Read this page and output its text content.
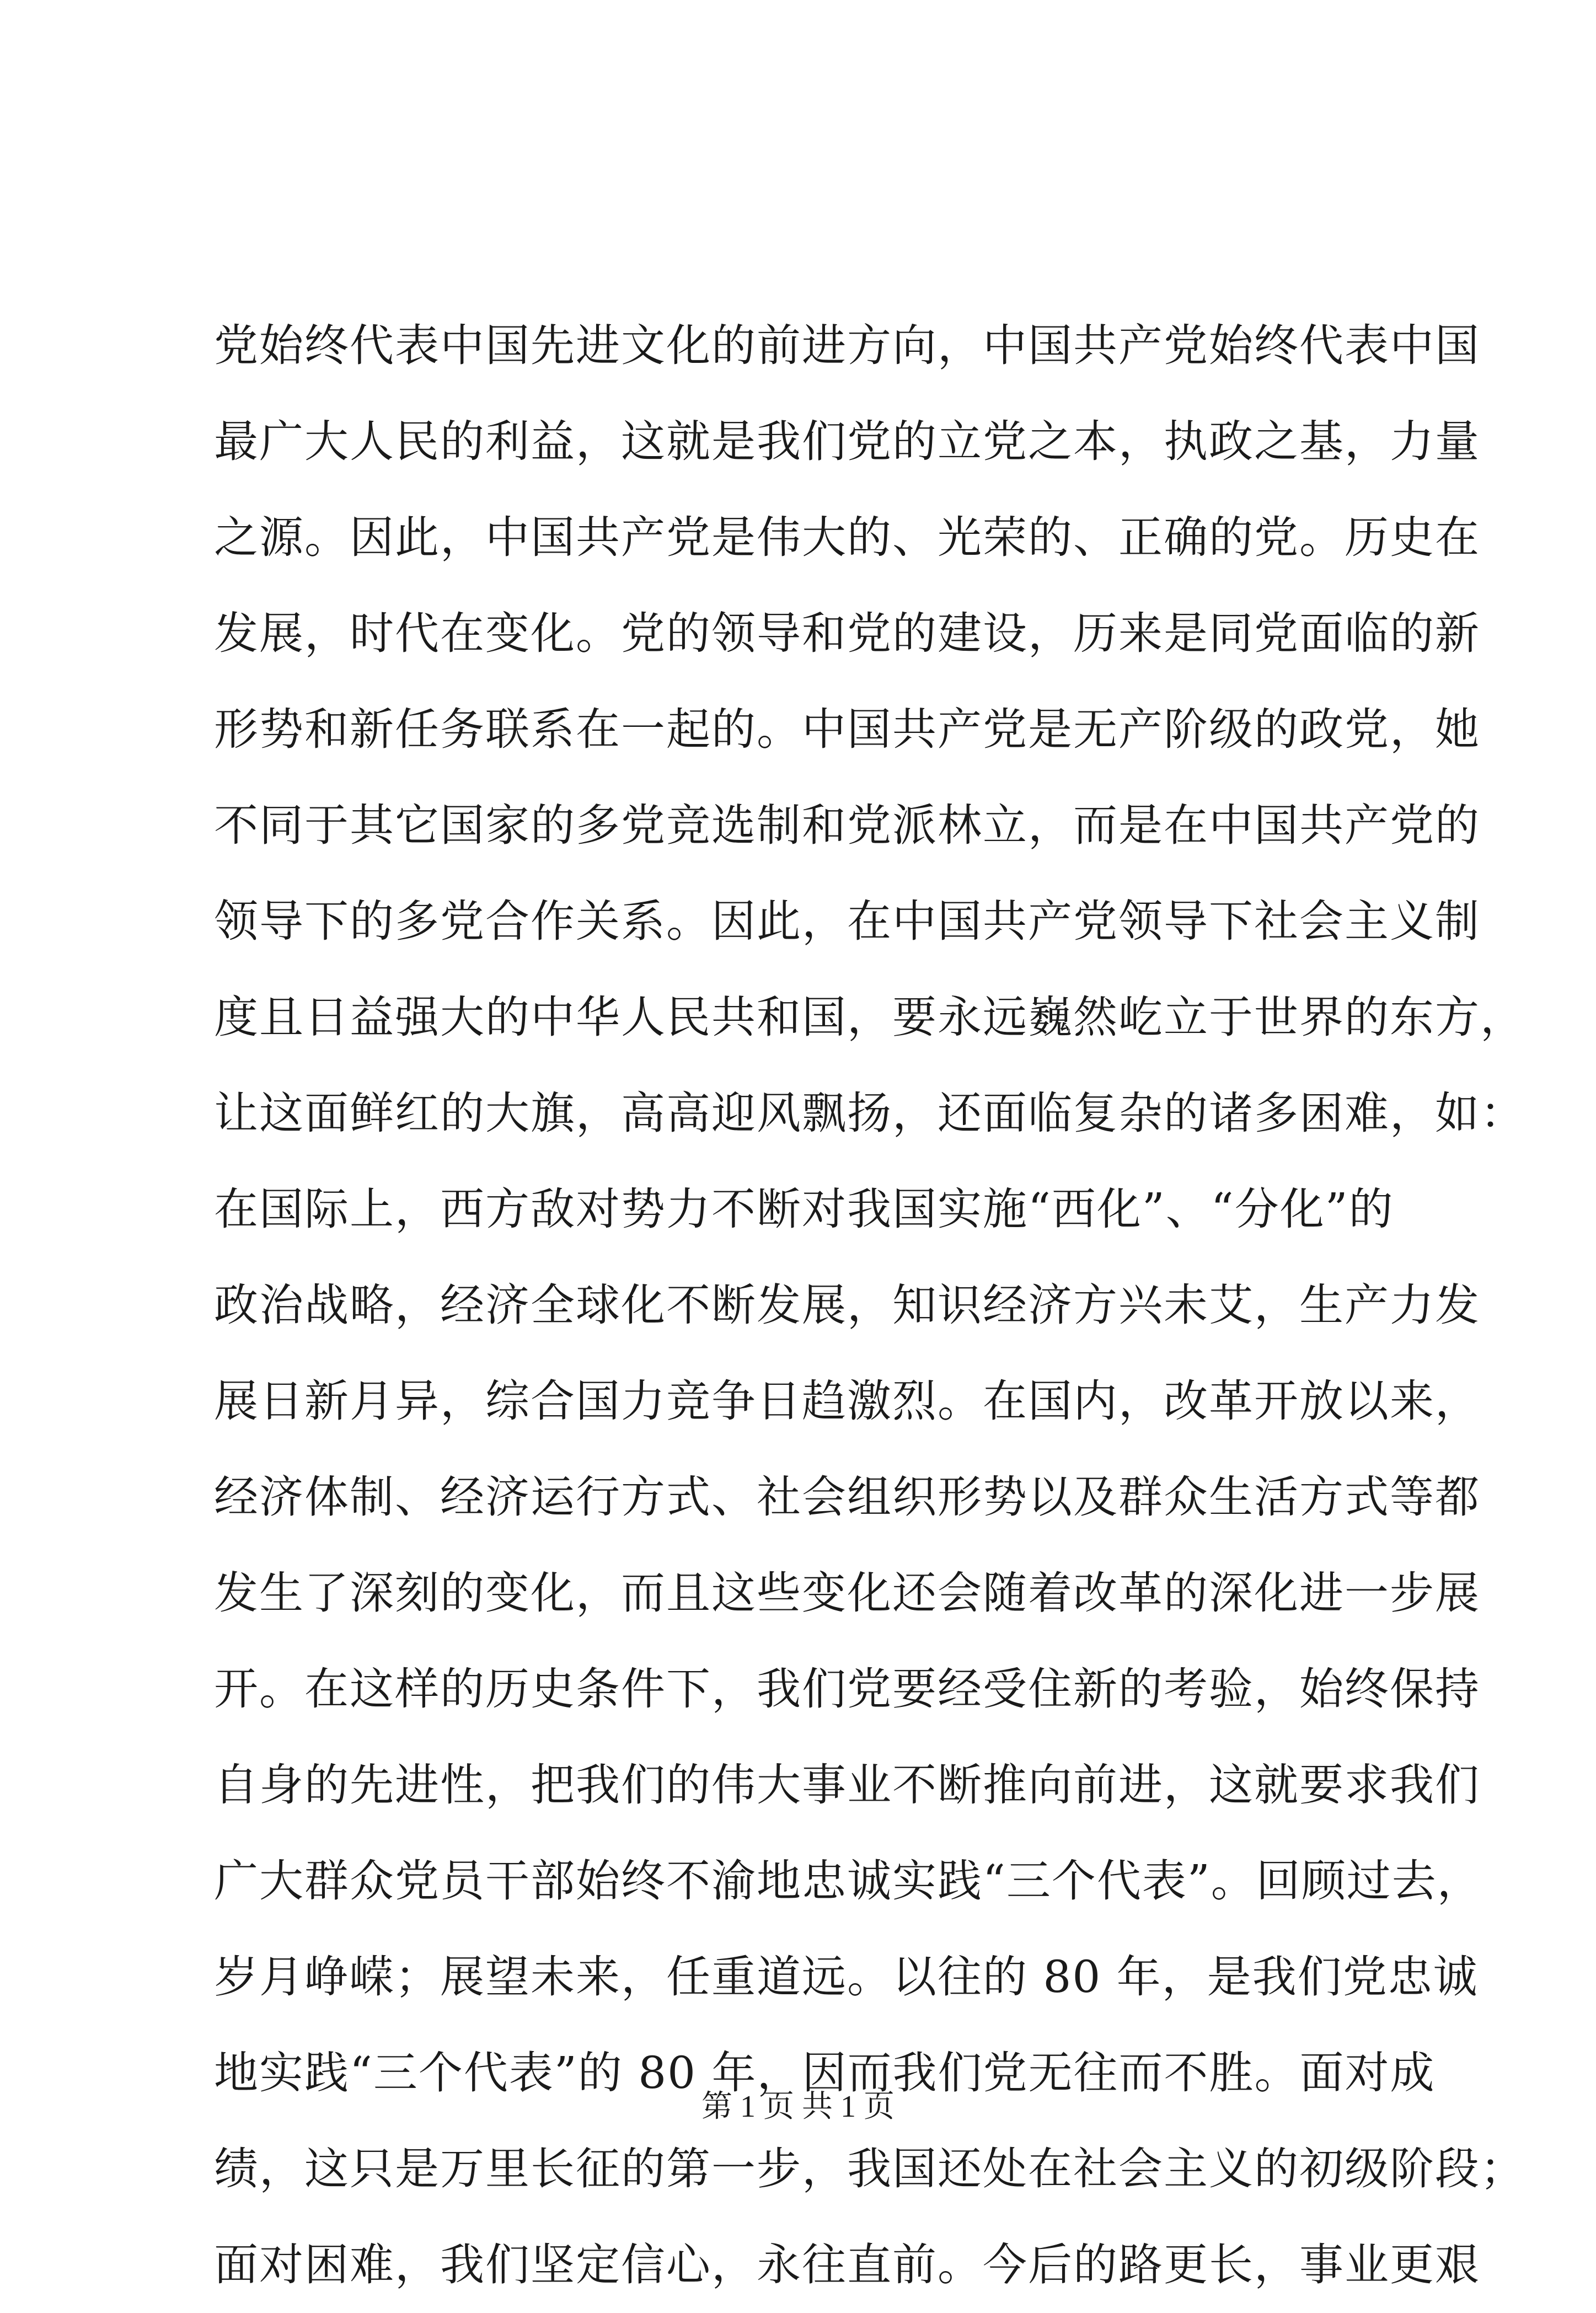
党始终代表中国先进文化的前进方向，中国共产党始终代表中国
最广大人民的利益，这就是我们党的立党之本，执政之基，力量
之源。因此，中国共产党是伟大的、光荣的、正确的党。历史在
发展，时代在变化。党的领导和党的建设，历来是同党面临的新
形势和新任务联系在一起的。中国共产党是无产阶级的政党，她
不同于其它国家的多党竞选制和党派林立，而是在中国共产党的
领导下的多党合作关系。因此，在中国共产党领导下社会主义制
度且日益强大的中华人民共和国，要永远巍然屹立于世界的东方，
让这面鲜红的大旗，高高迎风飘扬，还面临复杂的诸多困难，如：
在国际上，西方敌对势力不断对我国实施“西化”、“分化”的
政治战略，经济全球化不断发展，知识经济方兴未艾，生产力发
展日新月异，综合国力竞争日趋激烈。在国内，改革开放以来，
经济体制、经济运行方式、社会组织形势以及群众生活方式等都
发生了深刻的变化，而且这些变化还会随着改革的深化进一步展
开。在这样的历史条件下，我们党要经受住新的考验，始终保持
自身的先进性，把我们的伟大事业不断推向前进，这就要求我们
广大群众党员干部始终不渝地忠诚实践“三个代表”。回顾过去，
岁月峥嵘；展望未来，任重道远。以往的 80 年，是我们党忠诚
地实践“三个代表”的 80 年，因而我们党无往而不胜。面对成
绩，这只是万里长征的第一步，我国还处在社会主义的初级阶段；
面对困难，我们坚定信心，永往直前。今后的路更长，事业更艰
第 1 页 共 1 页
